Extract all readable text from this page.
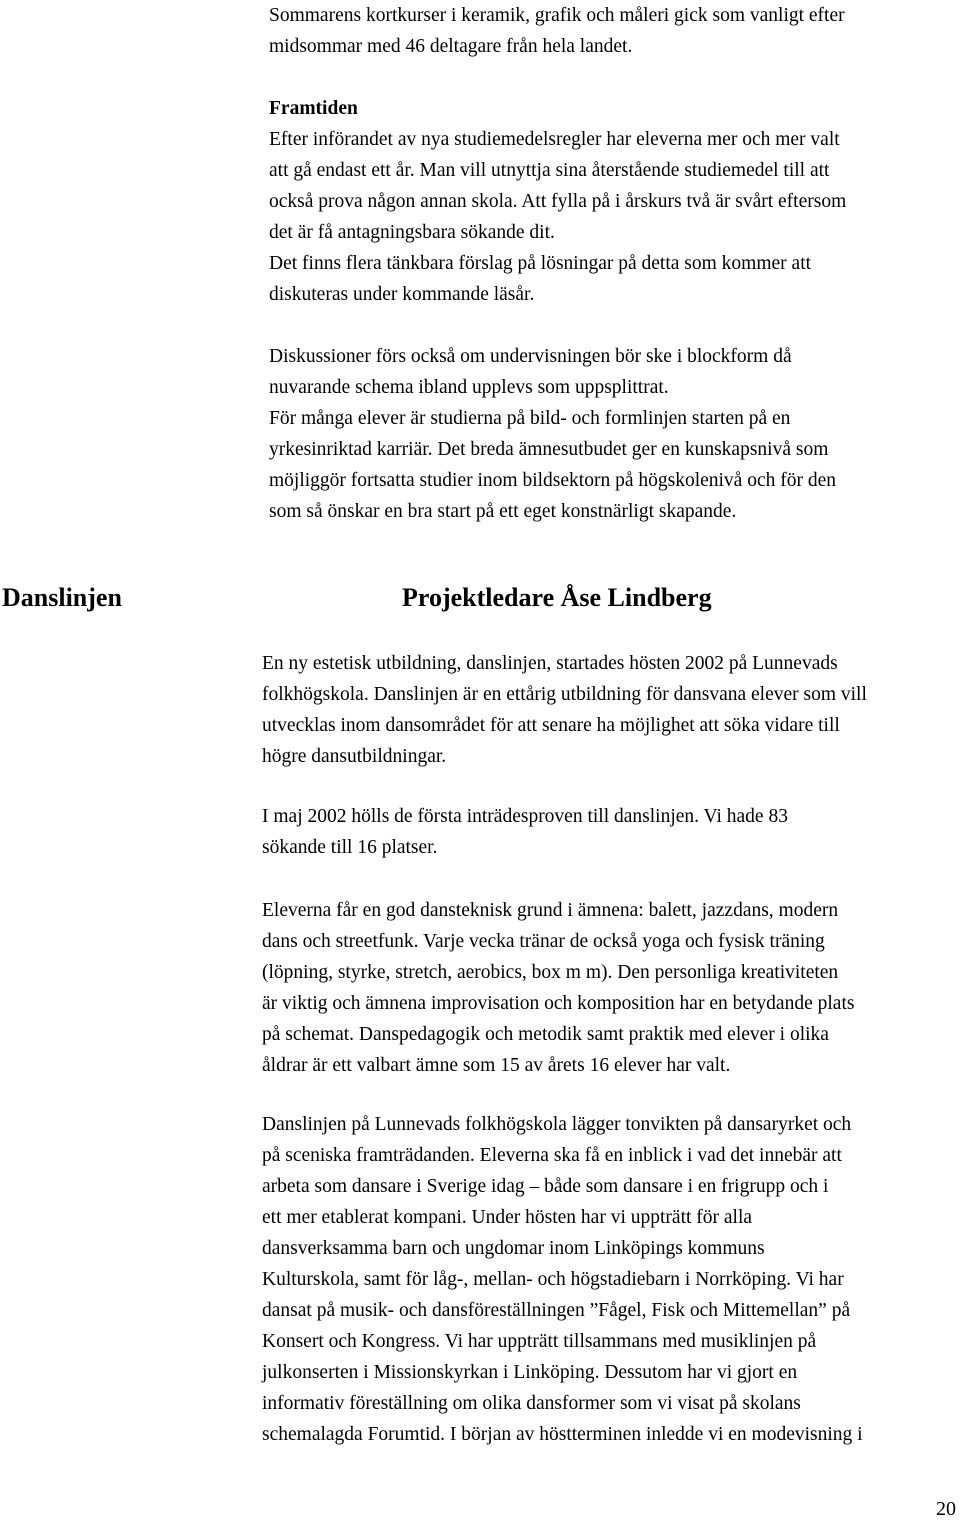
Sommarens kortkurser i keramik, grafik och måleri gick som vanligt efter
midsommar med 46 deltagare från hela landet.
Framtiden
Efter införandet av nya studiemedelsregler har eleverna mer och mer valt
att gå endast ett år. Man vill utnyttja sina återstående studiemedel till att
också prova någon annan skola. Att fylla på i årskurs två är svårt eftersom
det är få antagningsbara sökande dit.
Det finns flera tänkbara förslag på lösningar på detta som kommer att
diskuteras under kommande läsår.
Diskussioner förs också om undervisningen bör ske i blockform då
nuvarande schema ibland upplevs som uppsplittrat.
För många elever är studierna på bild- och formlinjen starten på en
yrkesinriktad karriär. Det breda ämnesutbudet ger en kunskapsnivå som
möjliggör fortsatta studier inom bildsektorn på högskolenivå och för den
som så önskar en bra start på ett eget konstnärligt skapande.
Danslinjen	Projektledare Åse Lindberg
En ny estetisk utbildning, danslinjen, startades hösten 2002 på Lunnevads
folkhögskola. Danslinjen är en ettårig utbildning för dansvana elever som vill
utvecklas inom dansområdet för att senare ha möjlighet att söka vidare till
högre dansutbildningar.
I maj 2002 hölls de första inträdesproven till danslinjen. Vi hade 83
sökande till 16 platser.
Eleverna får en god dansteknisk grund i ämnena: balett, jazzdans, modern
dans och streetfunk. Varje vecka tränar de också yoga och fysisk träning
(löpning, styrke, stretch, aerobics, box m m). Den personliga kreativiteten
är viktig och ämnena improvisation och komposition har en betydande plats
på schemat. Danspedagogik och metodik samt praktik med elever i olika
åldrar är ett valbart ämne som 15 av årets 16 elever har valt.
Danslinjen på Lunnevads folkhögskola lägger tonvikten på dansaryrket och
på sceniska framträdanden. Eleverna ska få en inblick i vad det innebär att
arbeta som dansare i Sverige idag – både som dansare i en frigrupp och i
ett mer etablerat kompani. Under hösten har vi uppträtt för alla
dansverksamma barn och ungdomar inom Linköpings kommuns
Kulturskola, samt för låg-, mellan- och högstadiebarn i Norrköping. Vi har
dansat på musik- och dansföreställningen ”Fågel, Fisk och Mittemellan” på
Konsert och Kongress. Vi har uppträtt tillsammans med musiklinjen på
julkonserten i Missionskyrkan i Linköping. Dessutom har vi gjort en
informativ föreställning om olika dansformer som vi visat på skolans
schemalagda Forumtid. I början av höstterminen inledde vi en modevisning i
20
